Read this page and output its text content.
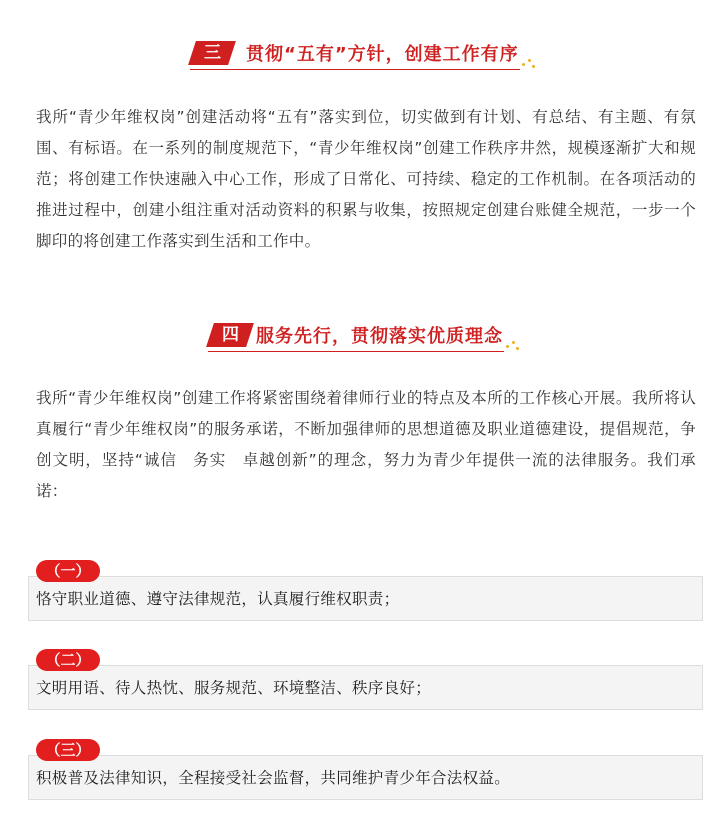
三	贯彻“五有”方针，创建工作有序

我所“青少年维权岗”创建活动将“五有”落实到位，切实做到有计划、有总结、有主题、有氛围、有标语。在一系列的制度规范下，“青少年维权岗”创建工作秩序井然，规模逐渐扩大和规范；将创建工作快速融入中心工作，形成了日常化、可持续、稳定的工作机制。在各项活动的推进过程中，创建小组注重对活动资料的积累与收集，按照规定创建台账健全规范，一步一个脚印的将创建工作落实到生活和工作中。

四 服务先行，贯彻落实优质理念

我所“青少年维权岗”创建工作将紧密围绕着律师行业的特点及本所的工作核心开展。我所将认真履行“青少年维权岗”的服务承诺，不断加强律师的思想道德及职业道德建设，提倡规范，争创文明，坚持“诚信　务实　卓越创新”的理念，努力为青少年提供一流的法律服务。我们承诺：

恪守职业道德、遵守法律规范，认真履行维权职责；
（一）
文明用语、待人热忱、服务规范、环境整洁、秩序良好；
（二）
积极普及法律知识，全程接受社会监督，共同维护青少年合法权益。
（三）
